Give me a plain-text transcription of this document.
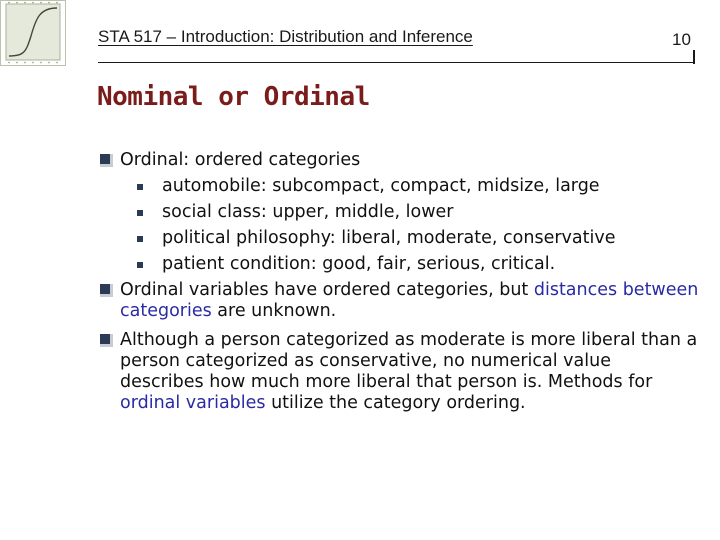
STA 517 – Introduction: Distribution and Inference	10
Nominal or Ordinal
Ordinal: ordered categories
automobile: subcompact, compact, midsize, large
social class: upper, middle, lower
political philosophy: liberal, moderate, conservative
patient condition: good, fair, serious, critical.
Ordinal variables have ordered categories, but distances between categories are unknown.
Although a person categorized as moderate is more liberal than a person categorized as conservative, no numerical value describes how much more liberal that person is. Methods for ordinal variables utilize the category ordering.
